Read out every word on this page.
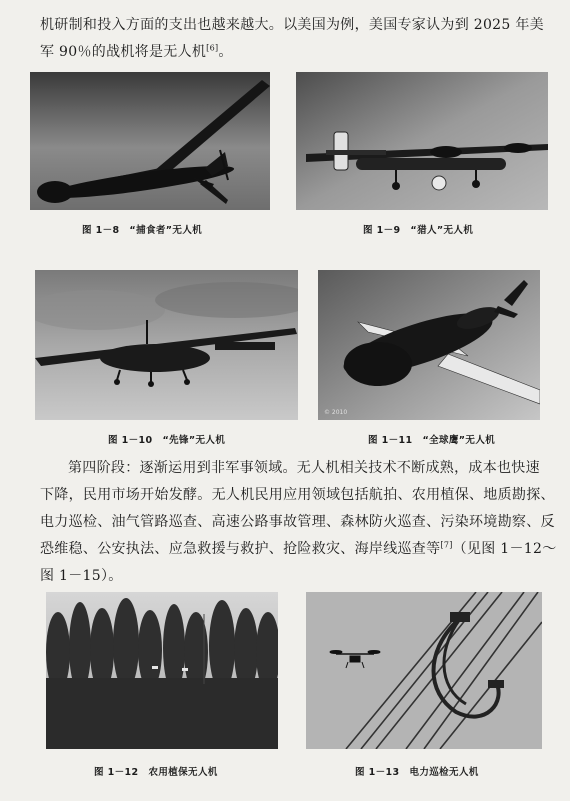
机研制和投入方面的支出也越来越大。以美国为例，美国专家认为到 2025 年美
军 90％的战机将是无人机[6]。

图 1－8　“捕食者”无人机	图 1－9　“猎人”无人机
图 1－10　“先锋”无人机
© 2010
图 1－11　“全球鹰”无人机
第四阶段：逐渐运用到非军事领域。无人机相关技术不断成熟，成本也快速
下降，民用市场开始发酵。无人机民用应用领域包括航拍、农用植保、地质勘探、
电力巡检、油气管路巡查、高速公路事故管理、森林防火巡查、污染环境勘察、反
恐维稳、公安执法、应急救援与救护、抢险救灾、海岸线巡查等[7]（见图 1－12～
图 1－15）。
图 1－12　农用植保无人机	图 1－13　电力巡检无人机
